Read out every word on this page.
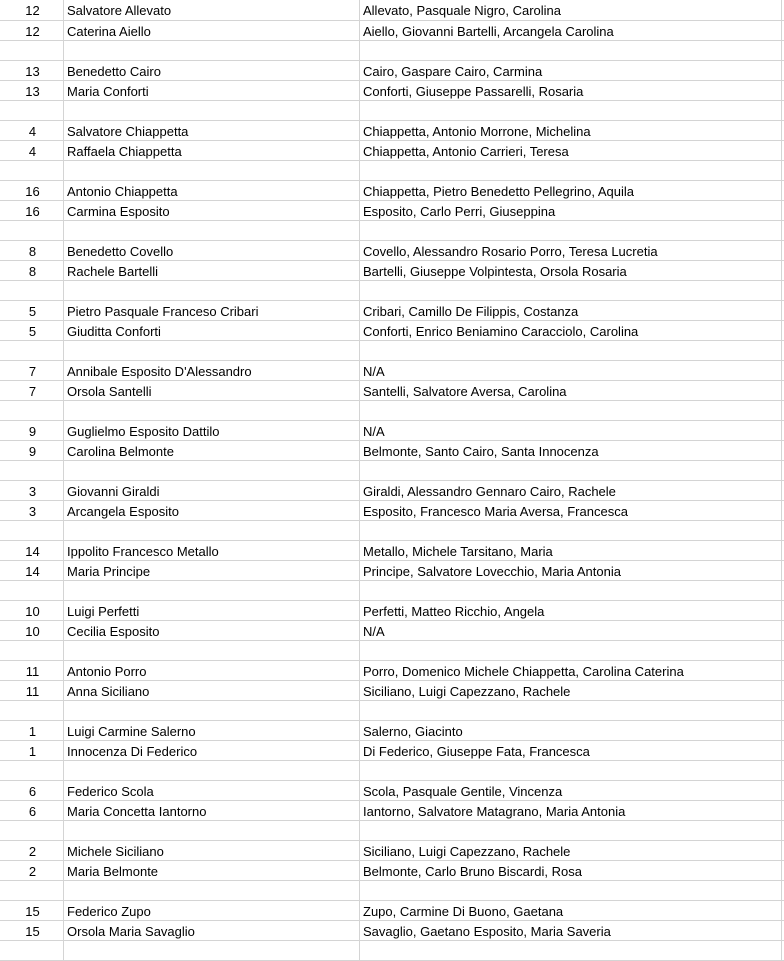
12	Salvatore Allevato	Allevato, Pasquale Nigro, Carolina
12	Caterina Aiello	Aiello, Giovanni Bartelli, Arcangela Carolina
13	Benedetto Cairo	Cairo, Gaspare Cairo, Carmina
13	Maria Conforti	Conforti, Giuseppe Passarelli, Rosaria
4	Salvatore Chiappetta	Chiappetta, Antonio Morrone, Michelina
4	Raffaela Chiappetta	Chiappetta, Antonio Carrieri, Teresa
16	Antonio Chiappetta	Chiappetta, Pietro Benedetto Pellegrino, Aquila
16	Carmina Esposito	Esposito, Carlo Perri, Giuseppina
8	Benedetto Covello	Covello, Alessandro Rosario Porro, Teresa Lucretia
8	Rachele Bartelli	Bartelli, Giuseppe Volpintesta, Orsola Rosaria
5	Pietro Pasquale Franceso Cribari	Cribari, Camillo De Filippis, Costanza
5	Giuditta Conforti	Conforti, Enrico Beniamino Caracciolo, Carolina
7	Annibale Esposito D'Alessandro	N/A
7	Orsola Santelli	Santelli, Salvatore Aversa, Carolina
9	Guglielmo Esposito Dattilo	N/A
9	Carolina Belmonte	Belmonte, Santo Cairo, Santa Innocenza
3	Giovanni Giraldi	Giraldi, Alessandro Gennaro Cairo, Rachele
3	Arcangela Esposito	Esposito, Francesco Maria Aversa, Francesca
14	Ippolito Francesco Metallo	Metallo, Michele Tarsitano, Maria
14	Maria Principe	Principe, Salvatore Lovecchio, Maria Antonia
10	Luigi Perfetti	Perfetti, Matteo Ricchio, Angela
10	Cecilia Esposito	N/A
11	Antonio Porro	Porro, Domenico Michele Chiappetta, Carolina Caterina
11	Anna Siciliano	Siciliano, Luigi Capezzano, Rachele
1	Luigi Carmine Salerno	Salerno, Giacinto
1	Innocenza Di Federico	Di Federico, Giuseppe Fata, Francesca
6	Federico Scola	Scola, Pasquale Gentile, Vincenza
6	Maria Concetta Iantorno	Iantorno, Salvatore Matagrano, Maria Antonia
2	Michele Siciliano	Siciliano, Luigi Capezzano, Rachele
2	Maria Belmonte	Belmonte, Carlo Bruno Biscardi, Rosa
15	Federico Zupo	Zupo, Carmine Di Buono, Gaetana
15	Orsola Maria Savaglio	Savaglio, Gaetano Esposito, Maria Saveria
